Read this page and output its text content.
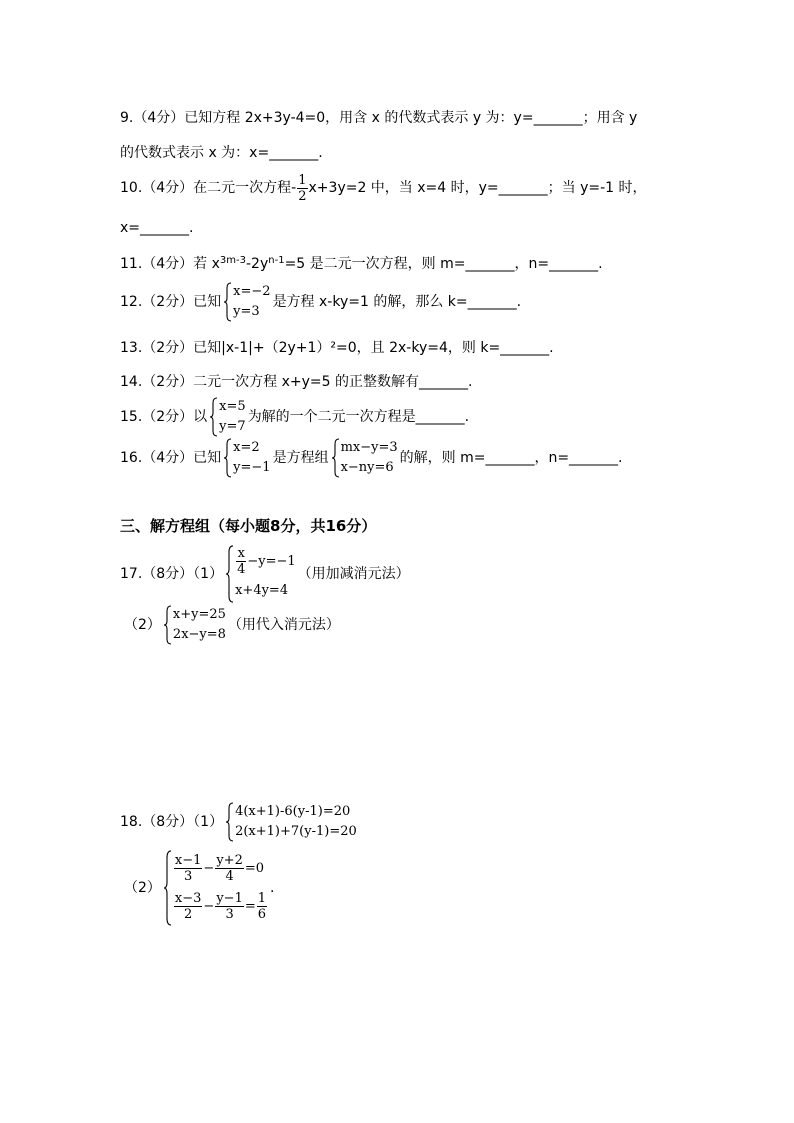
9.（4分）已知方程 2x+3y-4=0，用含 x 的代数式表示 y 为：y=_______；用含 y
的代数式表示 x 为：x=_______.
10.（4分）在二元一次方程- $\frac{1}{2} x+3y=2$ 中，当 x=4 时，y=_______；当 y=-1 时，
x=_______.
11.（4分）若 $x^{3m-3}-2y^{n-1}=5$ 是二元一次方程，则 m=_______，n=_______.
12.（2分）已知
x=−2
y=3
是方程 x-ky=1 的解，那么 k=_______.
13.（2分）已知|x-1|+（2y+1）²=0，且 2x-ky=4，则 k=_______.
14.（2分）二元一次方程 x+y=5 的正整数解有_______.
15.（2分）以
x=5
y=7
为解的一个二元一次方程是_______.
16.（4分）已知
x=2
y=−1
是方程组
mx−y=3
x−ny=6
的解，则 m=_______，n=_______.
三、解方程组（每小题8分，共16分）
17.（8分）$(1) \frac{x}{4} -y=-1$
x+4y=4
（用加减消元法）
（2）
x+y=25
2x−y=8
（用代入消元法）
18.（8分）（1）
4(x+1)-6(y-1)=20
2(x+1)+7(y-1)=20
（2）
$\frac{x-1}{3} - \frac{y+2}{4} =0$
$\frac{x-3}{2} - \frac{y-1}{3} = \frac{1}{6}$
.
